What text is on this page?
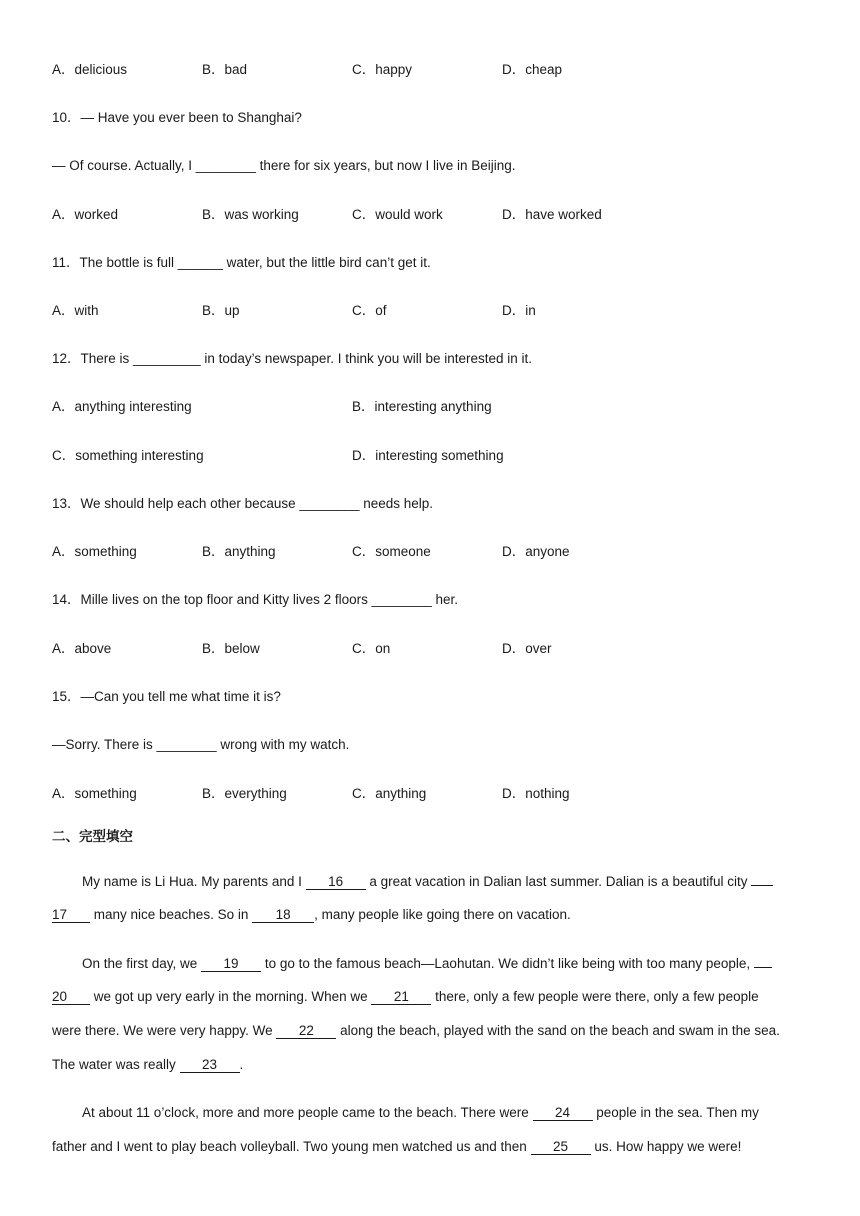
A．delicious	B．bad	C．happy	D．cheap
10．— Have you ever been to Shanghai?
— Of course. Actually, I ________ there for six years, but now I live in Beijing.
A．worked	B．was working	C．would work	D．have worked
11．The bottle is full ______ water, but the little bird can’t get it.
A．with	B．up	C．of	D．in
12．There is _________ in today’s newspaper. I think you will be interested in it.
A．anything interesting	B．interesting anything
C．something interesting	D．interesting something
13．We should help each other because ________ needs help.
A．something	B．anything	C．someone	D．anyone
14．Mille lives on the top floor and Kitty lives 2 floors ________ her.
A．above	B．below	C．on	D．over
15．—Can you tell me what time it is?
—Sorry. There is ________ wrong with my watch.
A．something	B．everything	C．anything	D．nothing
二、完型填空
My name is Li Hua. My parents and I 16 a great vacation in Dalian last summer. Dalian is a beautiful city
17 many nice beaches. So in 18 , many people like going there on vacation.
On the first day, we 19 to go to the famous beach—Laohutan. We didn’t like being with too many people,
20 we got up very early in the morning. When we 21 there, only a few people were there, only a few people
were there. We were very happy. We 22 along the beach, played with the sand on the beach and swam in the sea.
The water was really 23 .
At about 11 o’clock, more and more people came to the beach. There were 24 people in the sea. Then my
father and I went to play beach volleyball. Two young men watched us and then 25 us. How happy we were!
